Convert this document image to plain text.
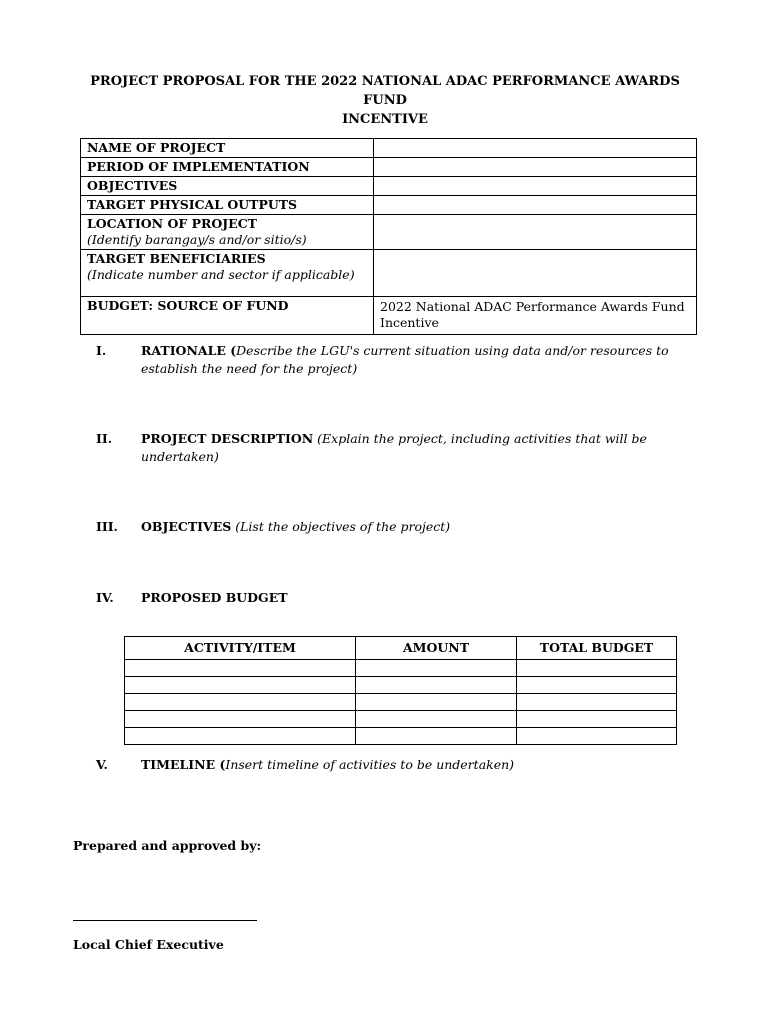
PROJECT PROPOSAL FOR THE 2022 NATIONAL ADAC PERFORMANCE AWARDS FUND
INCENTIVE
NAME OF PROJECT	
PERIOD OF IMPLEMENTATION	
OBJECTIVES	
TARGET PHYSICAL OUTPUTS	

LOCATION OF PROJECT
(Identify barangay/s and/or sitio/s)	

TARGET BENEFICIARIES
(Indicate number and sector if applicable)	

BUDGET: SOURCE OF FUND	2022 National ADAC Performance Awards Fund Incentive
I.	RATIONALE (Describe the LGU's current situation using data and/or resources to establish the need for the project)
II. PROJECT DESCRIPTION (Explain the project, including activities that will be undertaken)
III. OBJECTIVES (List the objectives of the project)
IV. PROPOSED BUDGET
ACTIVITY/ITEM	AMOUNT	TOTAL BUDGET

V.	TIMELINE (Insert timeline of activities to be undertaken)
Prepared and approved by:
Local Chief Executive
